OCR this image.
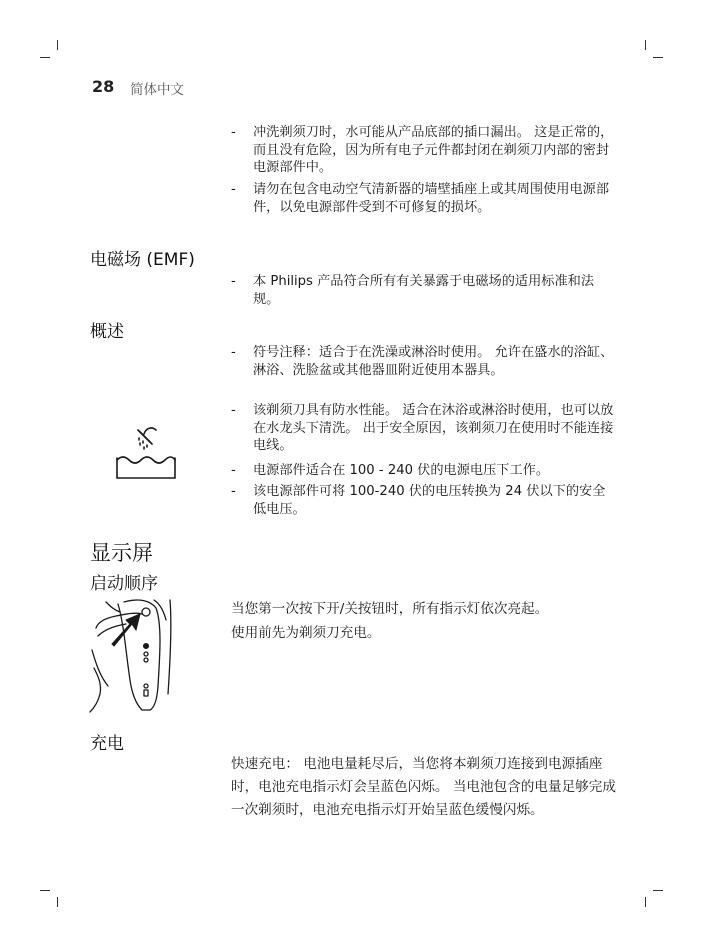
28 简体中文
- 冲洗剃须刀时，水可能从产品底部的插口漏出。 这是正常的，而且没有危险，因为所有电子元件都封闭在剃须刀内部的密封电源部件中。
- 请勿在包含电动空气清新器的墙壁插座上或其周围使用电源部件，以免电源部件受到不可修复的损坏。
电磁场 (EMF)
- 本 Philips 产品符合所有有关暴露于电磁场的适用标准和法规。
概述
- 符号注释：适合于在洗澡或淋浴时使用。 允许在盛水的浴缸、淋浴、洗脸盆或其他器皿附近使用本器具。
- 该剃须刀具有防水性能。 适合在沐浴或淋浴时使用，也可以放在水龙头下清洗。 出于安全原因，该剃须刀在使用时不能连接电线。
- 电源部件适合在 100 - 240 伏的电源电压下工作。
- 该电源部件可将 100-240 伏的电压转换为 24 伏以下的安全低电压。
显示屏
启动顺序
当您第一次按下开/关按钮时，所有指示灯依次亮起。
使用前先为剃须刀充电。
充电
快速充电： 电池电量耗尽后，当您将本剃须刀连接到电源插座时，电池充电指示灯会呈蓝色闪烁。 当电池包含的电量足够完成一次剃须时，电池充电指示灯开始呈蓝色缓慢闪烁。
